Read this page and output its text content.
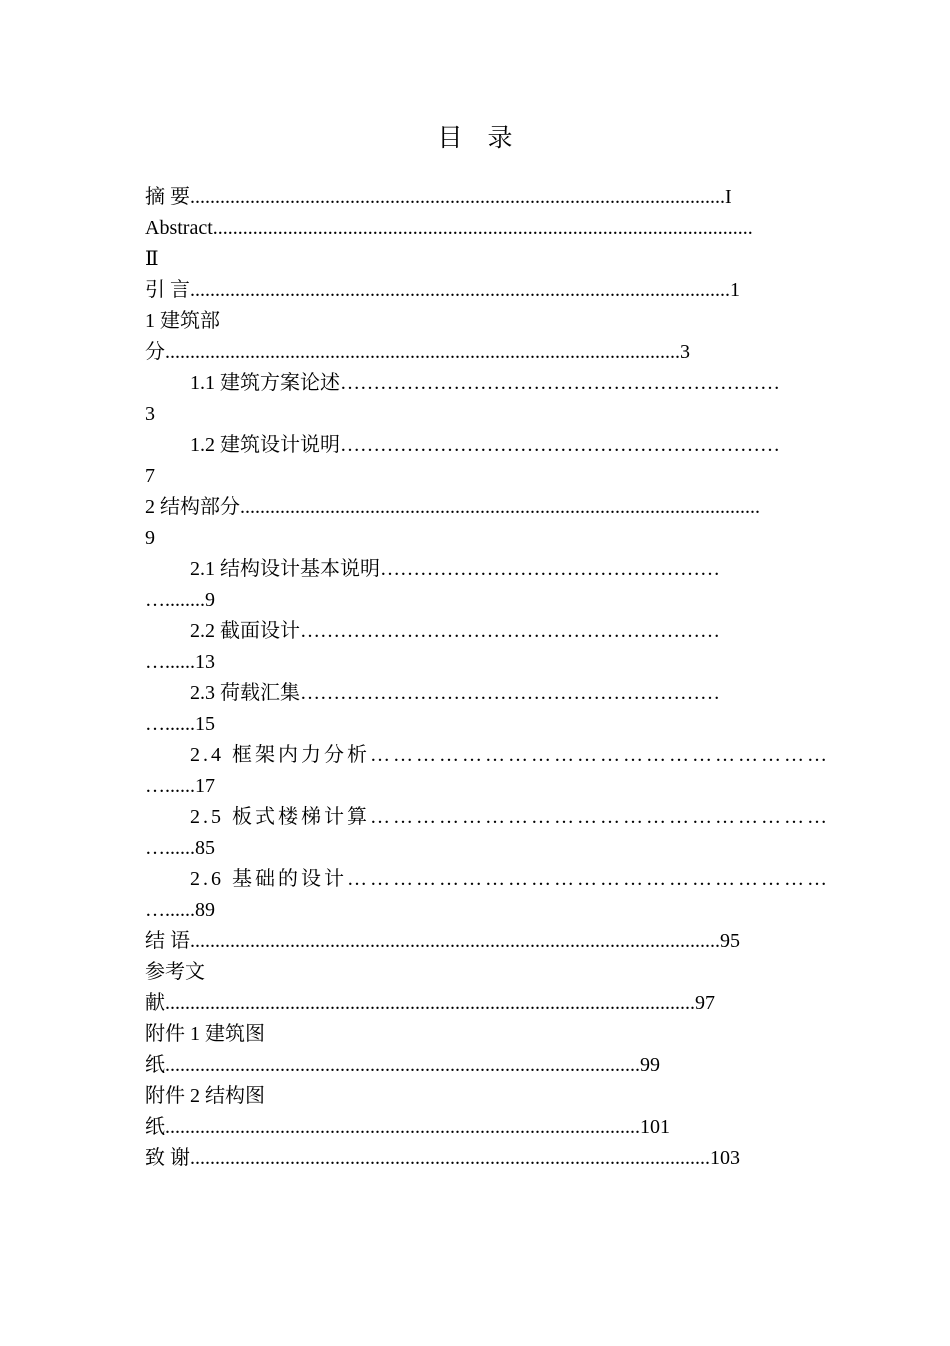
目    录
摘 要...........................................................................................................I
Abstract............................................................................................................
Ⅱ
引 言............................................................................................................1
1 建筑部
分.......................................................................................................3
1.1 建筑方案论述…………………………………………………………
3
1.2 建筑设计说明…………………………………………………………
7
2 结构部分........................................................................................................
9
2.1 结构设计基本说明……………………………………………
…........9
2.2 截面设计………………………………………………………
…......13
2.3 荷载汇集………………………………………………………
…......15
2.4 框架内力分析……………………………………………………
…......17
2.5 板式楼梯计算……………………………………………………
…......85
2.6 基础的设计………………………………………………………
…......89
结 语..........................................................................................................95
参考文
献..........................................................................................................97
附件 1 建筑图
纸...............................................................................................99
附件 2 结构图
纸...............................................................................................101
致 谢........................................................................................................103
